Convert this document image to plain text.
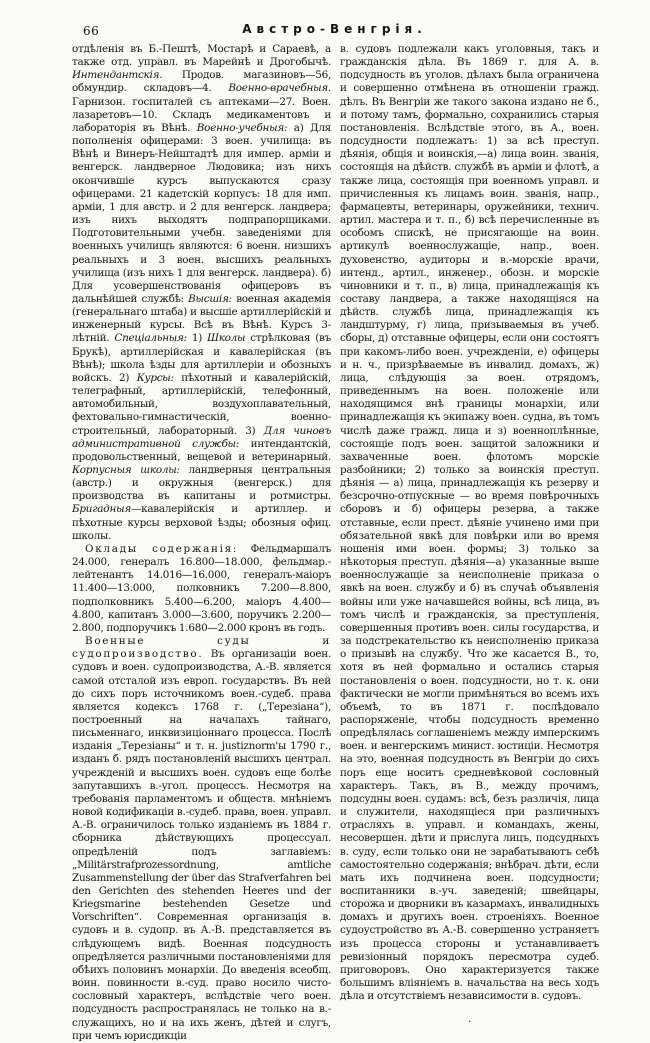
66	Австро-Венгрія.

отдѣленія въ Б.-Пештѣ, Мостарѣ и Сараевѣ, а также отд. управл. въ Марейнѣ и Дрогобычѣ. Интендантскія. Продов. магазиновъ—56, обмундир. складовъ—4. Военно-врачебныя. Гарнизон. госпиталей съ аптеками—27. Воен. лазаретовъ—10. Складъ медикаментовъ и лабораторія въ Вѣнѣ. Военно-учебныя: а) Для пополненія офицерами: 3 воен. училища: въ Вѣнѣ и Винеръ-Нейштадтѣ для импер. арміи и венгерск. ландверное Людовика; изъ нихъ окончившіе курсъ выпускаются сразу офицерами. 21 кадетскій корпусъ: 18 для имп. арміи, 1 для австр. и 2 для венгерск. ландвера; изъ нихъ выходятъ подпрапорщиками. Подготовительными учебн. заведеніями для военныхъ училищъ являются: 6 военн. низшихъ реальныхъ и 3 воен. высшихъ реальныхъ училища (изъ нихъ 1 для венгерск. ландвера). б) Для усовершенствованія офицеровъ въ дальнѣйшей службѣ: Высшія: военная академія (генеральнаго штаба) и высшіе артиллерійскій и инженерный курсы. Всѣ въ Вѣнѣ. Курсъ 3-лѣтній. Спеціальныя: 1) Школы стрѣлковая (въ Брукѣ), артиллерійская и кавалерійская (въ Вѣнѣ); школа ѣзды для артиллеріи и обозныхъ войскъ. 2) Курсы: пѣхотный и кавалерійскій, телеграфный, артиллерійскій, телефонный, автомобильный, воздухоплавательный, фехтовально-гимнастическій, военно-строительный, лабораторный. 3) Для чиновъ административной службы: интендантскій, продовольственный, вещевой и ветеринарный. Корпусныя школы: ландверныя центральныя (австр.) и окружныя (венгерск.) для производства въ капитаны и ротмистры. Бригадныя—кавалерійскія и артиллер. и пѣхотные курсы верховой ѣзды; обозныя офиц. школы.

Оклады содержанія: Фельдмаршалъ 24.000, генералъ 16.800—18.000, фельдмар.-лейтенантъ 14.016—16.000, генералъ-маіоръ 11.400—13.000, полковникъ 7.200—8.800, подполковникъ 5.400—6.200, маіоръ 4.400—4.800, капитанъ 3.000—3.600, поручикъ 2.200—2.800, подпоручикъ 1.680—2.000 кронъ въ годъ.

Военные суды и судопроизводство. Въ организаціи воен. судовъ и воен. судопроизводства, А.-В. является самой отсталой изъ европ. государствъ. Въ ней до сихъ поръ источникомъ воен.-судеб. права является кодексъ 1768 г. („Терезіана“), построенный на началахъ тайнаго, письменнаго, инквизиціоннаго процесса. Послѣ изданія „Терезіаны“ и т. н. justiznorm'ы 1790 г., изданъ б. рядъ постановленій высшихъ централ. учрежденій и высшихъ воен. судовъ еще болѣе запутавшихъ в.-угол. процессъ. Несмотря на требованія парламентомъ и обществ. мнѣніемъ новой кодификаціи в.-судеб. права, воен. управл. А.-В. ограничилось только изданіемъ въ 1884 г. сборника дѣйствующихъ процессуал. опредѣленій подъ заглавіемъ: „Militärstrafprozessordnung, amtliche Zusammenstellung der über das Strafverfahren bei den Gerichten des stehenden Heeres und der Kriegsmarine bestehenden Gesetze und Vorschriften“. Современная организація в. судовъ и в. судопр. въ А.-В. представляется въ слѣдующемъ видѣ. Военная подсудность опредѣляется различными постановленіями для обѣихъ половинъ монархіи. До введенія всеобщ. воин. повинности в.-суд. право носило чисто-сословный характеръ, вслѣдствіе чего воен. подсудность распространялась не только на в.-служащихъ, но и на ихъ женъ, дѣтей и слугъ, при чемъ юрисдикціи

в. судовъ подлежали какъ уголовныя, такъ и гражданскія дѣла. Въ 1869 г. для А. в. подсудность въ уголов. дѣлахъ была ограничена и совершенно отмѣнена въ отношеніи гражд. дѣлъ. Въ Венгріи же такого закона издано не б., и потому тамъ, формально, сохранились старыя постановленія. Вслѣдствіе этого, въ А., воен. подсудности подлежатъ: 1) за всѣ преступ. дѣянія, общія и воинскія,—а) лица воин. званія, состоящія на дѣйств. службѣ въ арміи и флотѣ, а также лица, состоящія при военномъ управл. и причисленныя къ лицамъ воин. званія, напр., фармацевты, ветеринары, оружейники, технич. артил. мастера и т. п., б) всѣ перечисленные въ особомъ спискѣ, не присягающіе на воин. артикулѣ военнослужащіе, напр., воен. духовенство, аудиторы и в.-морскіе врачи, интенд., артил., инженер., обозн. и морскіе чиновники и т. п., в) лица, принадлежащія къ составу ландвера, а также находящіяся на дѣйств. службѣ лица, принадлежащія къ ландштурму, г) лица, призываемыя въ учеб. сборы, д) отставные офицеры, если они состоятъ при какомъ-либо воен. учрежденіи, е) офицеры и н. ч., призрѣваемые въ инвалид. домахъ, ж) лица, слѣдующія за воен. отрядомъ, приведеннымъ на воен. положеніе или находящимся внѣ границы монархіи, или принадлежащія къ экипажу воен. судна, въ томъ числѣ даже гражд. лица и з) военноплѣнные, состоящіе подъ воен. защитой заложники и захваченные воен. флотомъ морскіе разбойники; 2) только за воинскія преступ. дѣянія — а) лица, принадлежащія къ резерву и безсрочно-отпускные — во время повѣрочныхъ сборовъ и б) офицеры резерва, а также отставные, если прест. дѣяніе учинено ими при обязательной явкѣ для повѣрки или во время ношенія ими воен. формы; 3) только за нѣкоторыя преступ. дѣянія—а) указанные выше военнослужащіе за неисполненіе приказа о явкѣ на воен. службу и б) въ случаѣ объявленія войны или уже начавшейся войны, всѣ лица, въ томъ числѣ и гражданскія, за преступленія, совершенныя противъ воен. силы государства, и за подстрекательство къ неисполненію приказа о призывѣ на службу. Что же касается В., то, хотя въ ней формально и остались старыя постановленія о воен. подсудности, но т. к. они фактически не могли примѣняться во всемъ ихъ объемѣ, то въ 1871 г. послѣдовало распоряженіе, чтобы подсудность временно опредѣлялась соглашеніемъ между имперскимъ воен. и венгерскимъ минист. юстиціи. Несмотря на это, военная подсудность въ Венгріи до сихъ поръ еще носитъ средневѣковой сословный характеръ. Такъ, въ В., между прочимъ, подсудны воен. судамъ: всѣ, безъ различія, лица и служители, находящіеся при различныхъ отрасляхъ в. управл. и командахъ, жены, несовершен. дѣти и прислуга лицъ, подсудныхъ в. суду, если только они не зарабатываютъ себѣ самостоятельно содержанія; внѣбрач. дѣти, если мать ихъ подчинена воен. подсудности; воспитанники в.-уч. заведеній; швейцары, сторожа и дворники въ казармахъ, инвалидныхъ домахъ и другихъ воен. строеніяхъ. Военное судоустройство въ А.-В. совершенно устраняетъ изъ процесса стороны и устанавливаетъ ревизіонный порядокъ пересмотра судеб. приговоровъ. Оно характеризуется также большимъ вліяніемъ в. начальства на весь ходъ дѣла и отсутствіемъ независимости в. судовъ.

.
